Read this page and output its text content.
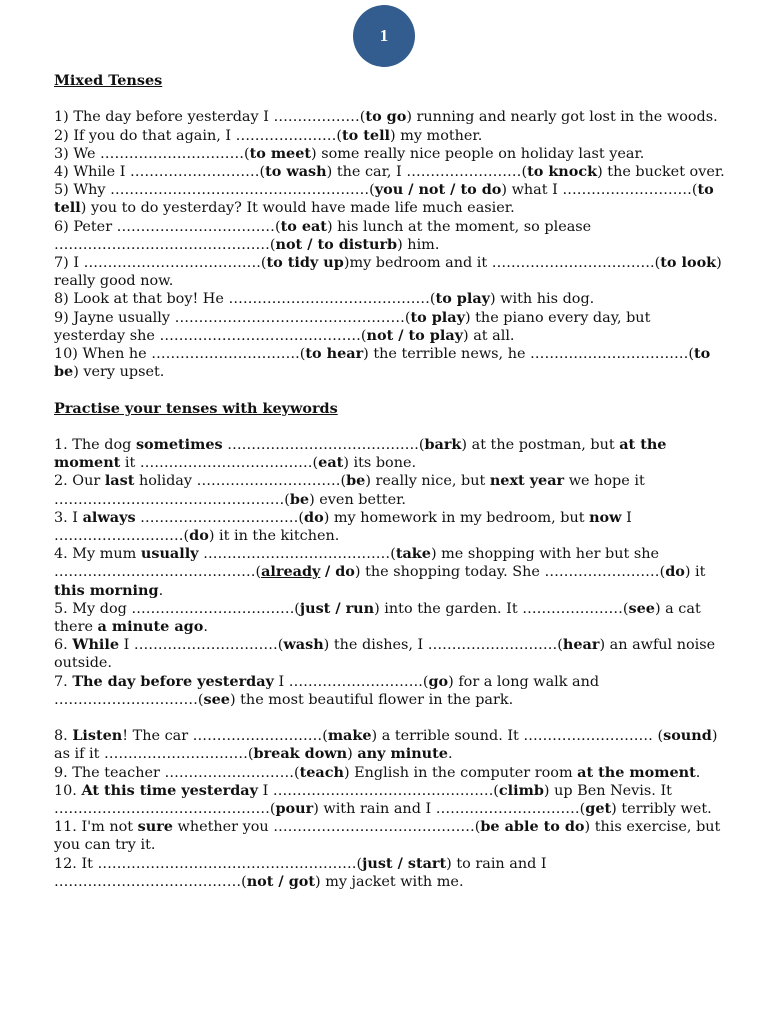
1

Mixed Tenses

1) The day before yesterday I ………………(to go) running and nearly got lost in the woods.

2) If you do that again, I …………………(to tell) my mother.

3) We …………………………(to meet) some really nice people on holiday last year.

4) While I ………………………(to wash) the car, I ……………………(to knock) the bucket over.

5) Why ………………………………………………(you / not / to do) what I ………………………(to tell) you to do yesterday? It would have made life much easier.

6) Peter ……………………………(to eat) his lunch at the moment, so please ………………………………………(not / to disturb) him.

7) I ……………………………….(to tidy up)my bedroom and it …………………………….(to look) really good now.

8) Look at that boy! He ……………………………………(to play) with his dog.

9) Jayne usually …………………………………………(to play) the piano every day, but yesterday she ……………………………………(not / to play) at all.

10) When he ………………………….(to hear) the terrible news, he ……………………………(to be) very upset.

Practise your tenses with keywords

1. The dog sometimes ………………………………….(bark) at the postman, but at the moment it ………………………………(eat) its bone.

2. Our last holiday …………………………(be) really nice, but next year we hope it …………………………………………(be) even better.

3. I always ……………………………(do) my homework in my bedroom, but now I ………………………(do) it in the kitchen.

4. My mum usually …………………………………(take) me shopping with her but she ……………………………………(already / do) the shopping today. She ……………………(do) it this morning.

5. My dog …………………………….(just / run) into the garden. It …………………(see) a cat there a minute ago.

6. While I …………………………(wash) the dishes, I ………………………(hear) an awful noise outside.

7. The day before yesterday I ……………………….(go) for a long walk and …………………………(see) the most beautiful flower in the park.

8. Listen! The car ………………………(make) a terrible sound. It ……………………… (sound) as if it …………………………(break down) any minute.

9. The teacher ………………………(teach) English in the computer room at the moment.

10. At this time yesterday I ……………………………………….(climb) up Ben Nevis. It ………………………………………(pour) with rain and I …………………………(get) terribly wet.

11. I'm not sure whether you ……………………………………(be able to do) this exercise, but you can try it.

12. It ………………………………………………(just / start) to rain and I …………………………………(not / got) my jacket with me.
